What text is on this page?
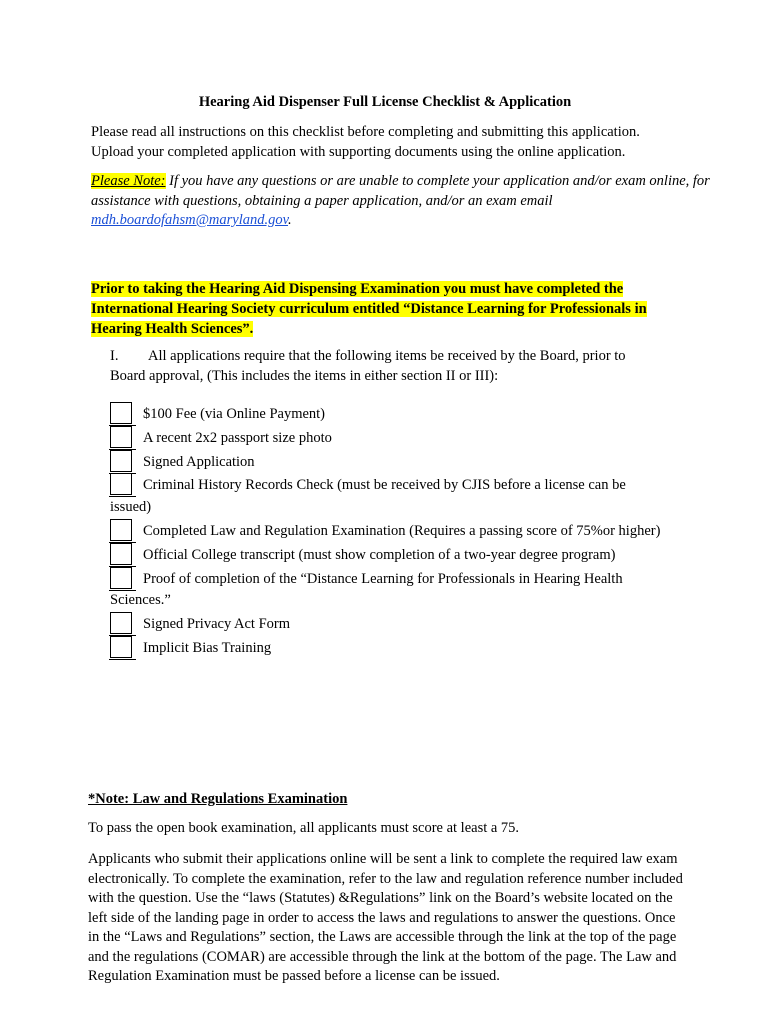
Hearing Aid Dispenser Full License Checklist & Application
Please read all instructions on this checklist before completing and submitting this application.
Upload your completed application with supporting documents using the online application.
Please Note: If you have any questions or are unable to complete your application and/or exam online, for assistance with questions, obtaining a paper application, and/or an exam email mdh.boardofahsm@maryland.gov.
Prior to taking the Hearing Aid Dispensing Examination you must have completed the International Hearing Society curriculum entitled “Distance Learning for Professionals in Hearing Health Sciences”.
I. All applications require that the following items be received by the Board, prior to
Board approval, (This includes the items in either section II or III):
$100 Fee (via Online Payment)
A recent 2x2 passport size photo
Signed Application
Criminal History Records Check (must be received by CJIS before a license can be issued)
Completed Law and Regulation Examination (Requires a passing score of 75%or higher)
Official College transcript (must show completion of a two-year degree program)
Proof of completion of the “Distance Learning for Professionals in Hearing Health Sciences.”
Signed Privacy Act Form
Implicit Bias Training
*Note: Law and Regulations Examination
To pass the open book examination, all applicants must score at least a 75.
Applicants who submit their applications online will be sent a link to complete the required law exam electronically. To complete the examination, refer to the law and regulation reference number included with the question. Use the “laws (Statutes) &Regulations” link on the Board’s website located on the left side of the landing page in order to access the laws and regulations to answer the questions. Once in the “Laws and Regulations” section, the Laws are accessible through the link at the top of the page and the regulations (COMAR) are accessible through the link at the bottom of the page. The Law and Regulation Examination must be passed before a license can be issued.
